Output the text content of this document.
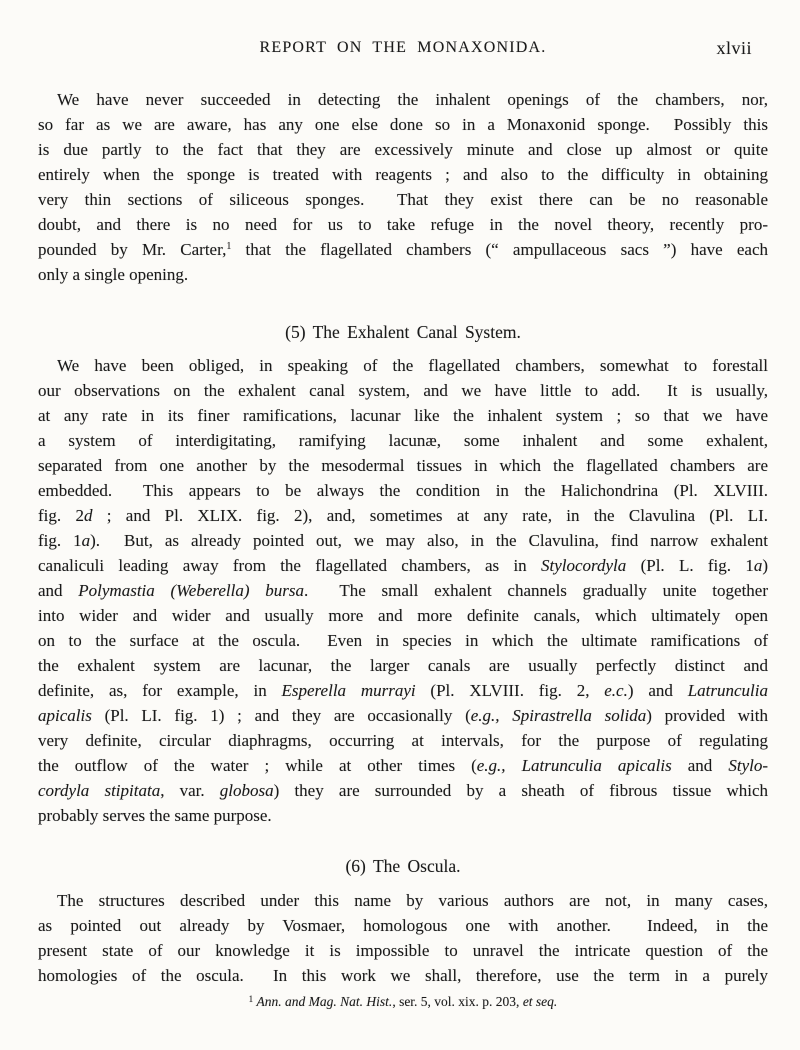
REPORT ON THE MONAXONIDA.	xlvii
We have never succeeded in detecting the inhalent openings of the chambers, nor,
so far as we are aware, has any one else done so in a Monaxonid sponge.  Possibly this
is due partly to the fact that they are excessively minute and close up almost or quite
entirely when the sponge is treated with reagents ; and also to the difficulty in obtaining
very thin sections of siliceous sponges.  That they exist there can be no reasonable
doubt, and there is no need for us to take refuge in the novel theory, recently pro-
pounded by Mr. Carter,$^1$ that the flagellated chambers (“ ampullaceous sacs ”) have each
only a single opening.
(5) The Exhalent Canal System.
We have been obliged, in speaking of the flagellated chambers, somewhat to forestall
our observations on the exhalent canal system, and we have little to add.  It is usually,
at any rate in its finer ramifications, lacunar like the inhalent system ; so that we have
a system of interdigitating, ramifying lacunæ, some inhalent and some exhalent,
separated from one another by the mesodermal tissues in which the flagellated chambers are
embedded.  This appears to be always the condition in the Halichondrina (Pl. XLVIII.
fig. 2d ; and Pl. XLIX. fig. 2), and, sometimes at any rate, in the Clavulina (Pl. LI.
fig. 1a).  But, as already pointed out, we may also, in the Clavulina, find narrow exhalent
canaliculi leading away from the flagellated chambers, as in Stylocordyla (Pl. L. fig. 1a)
and Polymastia (Weberella) bursa.  The small exhalent channels gradually unite together
into wider and wider and usually more and more definite canals, which ultimately open
on to the surface at the oscula.  Even in species in which the ultimate ramifications of
the exhalent system are lacunar, the larger canals are usually perfectly distinct and
definite, as, for example, in Esperella murrayi (Pl. XLVIII. fig. 2, e.c.) and Latrunculia
apicalis (Pl. LI. fig. 1) ; and they are occasionally (e.g., Spirastrella solida) provided with
very definite, circular diaphragms, occurring at intervals, for the purpose of regulating
the outflow of the water ; while at other times (e.g., Latrunculia apicalis and Stylo-
cordyla stipitata, var. globosa) they are surrounded by a sheath of fibrous tissue which
probably serves the same purpose.
(6) The Oscula.
The structures described under this name by various authors are not, in many cases,
as pointed out already by Vosmaer, homologous one with another.  Indeed, in the
present state of our knowledge it is impossible to unravel the intricate question of the
homologies of the oscula.  In this work we shall, therefore, use the term in a purely
$^1$ Ann. and Mag. Nat. Hist., ser. 5, vol. xix. p. 203, et seq.
